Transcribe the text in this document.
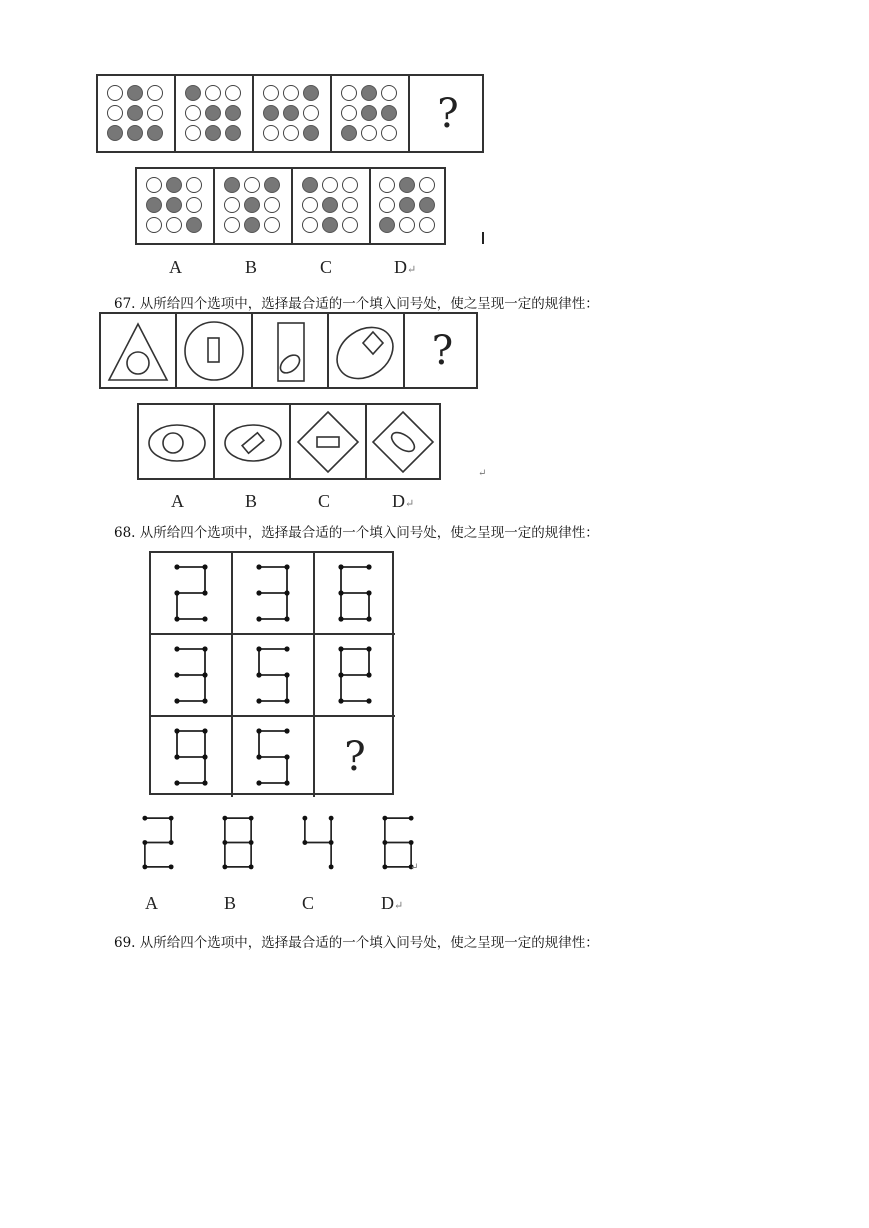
?
A	B	C	D↵
67. 从所给四个选项中，选择最合适的一个填入问号处，使之呈现一定的规律性：
?
↵
A	B	C	D↵
68. 从所给四个选项中，选择最合适的一个填入问号处，使之呈现一定的规律性：
?
↵
A	B	C	D↵
69. 从所给四个选项中，选择最合适的一个填入问号处，使之呈现一定的规律性：
